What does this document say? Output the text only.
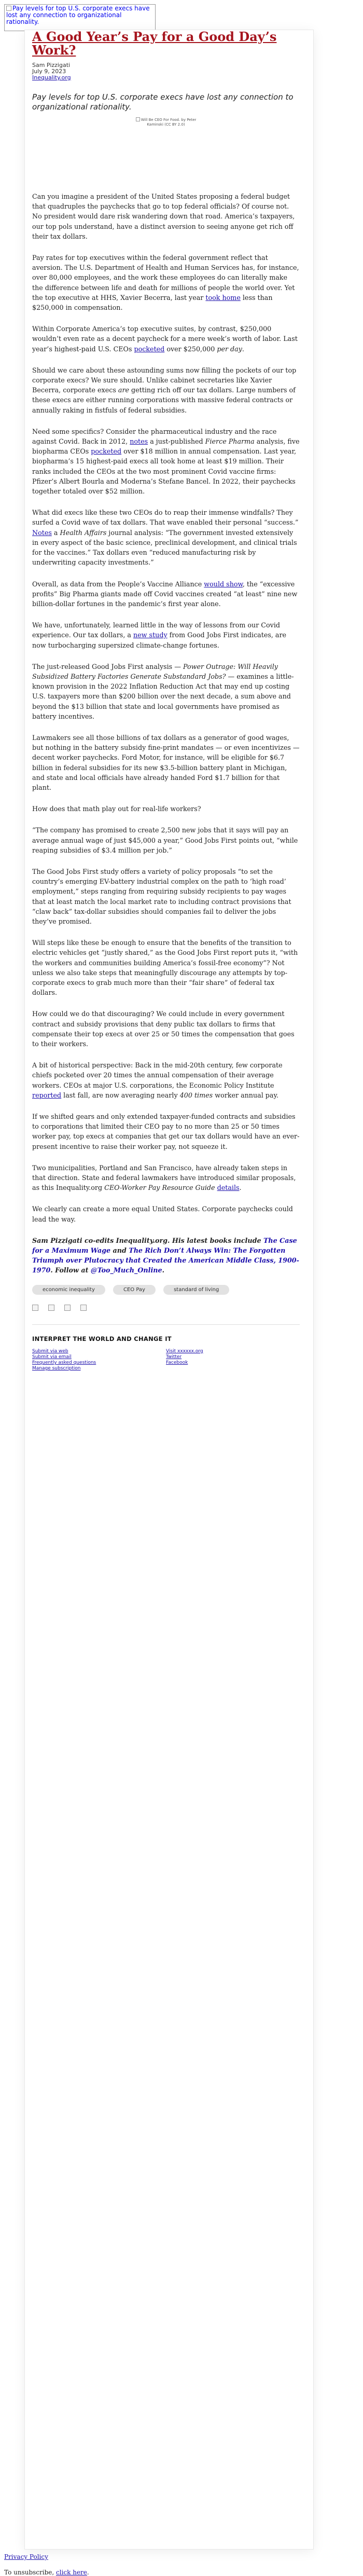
Pay levels for top U.S. corporate execs have lost any connection to organizational rationality.
A Good Year’s Pay for a Good Day’s Work?
Sam Pizzigati
July 9, 2023
Inequality.org

Pay levels for top U.S. corporate execs have lost any connection to organizational rationality.

Will Be CEO For Food. by Peter Kaminski (CC BY 2.0)

Can you imagine a president of the United States proposing a federal budget that quadruples the paychecks that go to top federal officials? Of course not. No president would dare risk wandering down that road. America’s taxpayers, our top pols understand, have a distinct aversion to seeing anyone get rich off their tax dollars.

Pay rates for top executives within the federal government reflect that aversion. The U.S. Department of Health and Human Services has, for instance, over 80,000 employees, and the work these employees do can literally make the difference between life and death for millions of people the world over. Yet the top executive at HHS, Xavier Becerra, last year took home less than $250,000 in compensation.

Within Corporate America’s top executive suites, by contrast, $250,000 wouldn’t even rate as a decent paycheck for a mere week’s worth of labor. Last year’s highest-paid U.S. CEOs pocketed over $250,000 per day.

Should we care about these astounding sums now filling the pockets of our top corporate execs? We sure should. Unlike cabinet secretaries like Xavier Becerra, corporate execs are getting rich off our tax dollars. Large numbers of these execs are either running corporations with massive federal contracts or annually raking in fistfuls of federal subsidies.

Need some specifics? Consider the pharmaceutical industry and the race against Covid. Back in 2012, notes a just-published Fierce Pharma analysis, five biopharma CEOs pocketed over $18 million in annual compensation. Last year, biopharma’s 15 highest-paid execs all took home at least $19 million. Their ranks included the CEOs at the two most prominent Covid vaccine firms: Pfizer’s Albert Bourla and Moderna’s Stefane Bancel. In 2022, their paychecks together totaled over $52 million.

What did execs like these two CEOs do to reap their immense windfalls? They surfed a Covid wave of tax dollars. That wave enabled their personal “success.” Notes a Health Affairs journal analysis: “The government invested extensively in every aspect of the basic science, preclinical development, and clinical trials for the vaccines.” Tax dollars even “reduced manufacturing risk by underwriting capacity investments.”

Overall, as data from the People’s Vaccine Alliance would show, the “excessive profits” Big Pharma giants made off Covid vaccines created “at least” nine new billion-dollar fortunes in the pandemic’s first year alone.

We have, unfortunately, learned little in the way of lessons from our Covid experience. Our tax dollars, a new study from Good Jobs First indicates, are now turbocharging supersized climate-change fortunes.

The just-released Good Jobs First analysis — Power Outrage: Will Heavily Subsidized Battery Factories Generate Substandard Jobs? — examines a little-known provision in the 2022 Inflation Reduction Act that may end up costing U.S. taxpayers more than $200 billion over the next decade, a sum above and beyond the $13 billion that state and local governments have promised as battery incentives.

Lawmakers see all those billions of tax dollars as a generator of good wages, but nothing in the battery subsidy fine-print mandates — or even incentivizes — decent worker paychecks. Ford Motor, for instance, will be eligible for $6.7 billion in federal subsidies for its new $3.5-billion battery plant in Michigan, and state and local officials have already handed Ford $1.7 billion for that plant.

How does that math play out for real-life workers?

“The company has promised to create 2,500 new jobs that it says will pay an average annual wage of just $45,000 a year,” Good Jobs First points out, “while reaping subsidies of $3.4 million per job.”

The Good Jobs First study offers a variety of policy proposals “to set the country’s emerging EV-battery industrial complex on the path to ‘high road’ employment,” steps ranging from requiring subsidy recipients to pay wages that at least match the local market rate to including contract provisions that “claw back” tax-dollar subsidies should companies fail to deliver the jobs they’ve promised.

Will steps like these be enough to ensure that the benefits of the transition to electric vehicles get “justly shared,” as the Good Jobs First report puts it, “with the workers and communities building America’s fossil-free economy”? Not unless we also take steps that meaningfully discourage any attempts by top-corporate execs to grab much more than their “fair share” of federal tax dollars.

How could we do that discouraging? We could include in every government contract and subsidy provisions that deny public tax dollars to firms that compensate their top execs at over 25 or 50 times the compensation that goes to their workers.

A bit of historical perspective: Back in the mid-20th century, few corporate chiefs pocketed over 20 times the annual compensation of their average workers. CEOs at major U.S. corporations, the Economic Policy Institute reported last fall, are now averaging nearly 400 times worker annual pay.

If we shifted gears and only extended taxpayer-funded contracts and subsidies to corporations that limited their CEO pay to no more than 25 or 50 times worker pay, top execs at companies that get our tax dollars would have an ever-present incentive to raise their worker pay, not squeeze it.

Two municipalities, Portland and San Francisco, have already taken steps in that direction. State and federal lawmakers have introduced similar proposals, as this Inequality.org CEO-Worker Pay Resource Guide details.

We clearly can create a more equal United States. Corporate paychecks could lead the way.

Sam Pizzigati co-edits Inequality.org. His latest books include The Case for a Maximum Wage and The Rich Don’t Always Win: The Forgotten Triumph over Plutocracy that Created the American Middle Class, 1900-1970. Follow at @Too_Much_Online.
economic inequality	CEO Pay	standard of living

INTERPRET THE WORLD AND CHANGE IT
Submit via web
Submit via email
Frequently asked questions
Manage subscription
Visit xxxxxx.org
Twitter
Facebook
Privacy Policy
To unsubscribe, click here.
